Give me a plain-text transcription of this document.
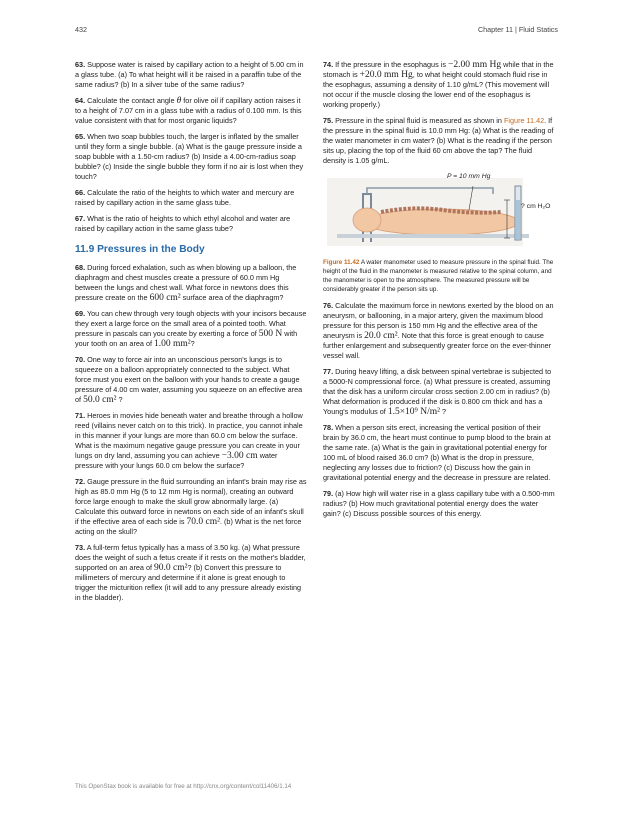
432	Chapter 11 | Fluid Statics

63. Suppose water is raised by capillary action to a height of 5.00 cm in a glass tube. (a) To what height will it be raised in a paraffin tube of the same radius? (b) In a silver tube of the same radius?

64. Calculate the contact angle θ for olive oil if capillary action raises it to a height of 7.07 cm in a glass tube with a radius of 0.100 mm. Is this value consistent with that for most organic liquids?

65. When two soap bubbles touch, the larger is inflated by the smaller until they form a single bubble. (a) What is the gauge pressure inside a soap bubble with a 1.50-cm radius? (b) Inside a 4.00-cm-radius soap bubble? (c) Inside the single bubble they form if no air is lost when they touch?

66. Calculate the ratio of the heights to which water and mercury are raised by capillary action in the same glass tube.

67. What is the ratio of heights to which ethyl alcohol and water are raised by capillary action in the same glass tube?

11.9 Pressures in the Body

68. During forced exhalation, such as when blowing up a balloon, the diaphragm and chest muscles create a pressure of 60.0 mm Hg between the lungs and chest wall. What force in newtons does this pressure create on the 600 cm² surface area of the diaphragm?

69. You can chew through very tough objects with your incisors because they exert a large force on the small area of a pointed tooth. What pressure in pascals can you create by exerting a force of 500 N with your tooth on an area of 1.00 mm²?

70. One way to force air into an unconscious person's lungs is to squeeze on a balloon appropriately connected to the subject. What force must you exert on the balloon with your hands to create a gauge pressure of 4.00 cm water, assuming you squeeze on an effective area of 50.0 cm² ?

71. Heroes in movies hide beneath water and breathe through a hollow reed (villains never catch on to this trick). In practice, you cannot inhale in this manner if your lungs are more than 60.0 cm below the surface. What is the maximum negative gauge pressure you can create in your lungs on dry land, assuming you can achieve −3.00 cm water pressure with your lungs 60.0 cm below the surface?

72. Gauge pressure in the fluid surrounding an infant's brain may rise as high as 85.0 mm Hg (5 to 12 mm Hg is normal), creating an outward force large enough to make the skull grow abnormally large. (a) Calculate this outward force in newtons on each side of an infant's skull if the effective area of each side is 70.0 cm². (b) What is the net force acting on the skull?

73. A full-term fetus typically has a mass of 3.50 kg. (a) What pressure does the weight of such a fetus create if it rests on the mother's bladder, supported on an area of 90.0 cm²? (b) Convert this pressure to millimeters of mercury and determine if it alone is great enough to trigger the micturition reflex (it will add to any pressure already existing in the bladder).

74. If the pressure in the esophagus is −2.00 mm Hg while that in the stomach is +20.0 mm Hg, to what height could stomach fluid rise in the esophagus, assuming a density of 1.10 g/mL? (This movement will not occur if the muscle closing the lower end of the esophagus is working properly.)

75. Pressure in the spinal fluid is measured as shown in Figure 11.42. If the pressure in the spinal fluid is 10.0 mm Hg: (a) What is the reading of the water manometer in cm water? (b) What is the reading if the person sits up, placing the top of the fluid 60 cm above the tap? The fluid density is 1.05 g/mL.

P = 10 mm Hg
? cm H₂O

Figure 11.42 A water manometer used to measure pressure in the spinal fluid. The height of the fluid in the manometer is measured relative to the spinal column, and the manometer is open to the atmosphere. The measured pressure will be considerably greater if the person sits up.

76. Calculate the maximum force in newtons exerted by the blood on an aneurysm, or ballooning, in a major artery, given the maximum blood pressure for this person is 150 mm Hg and the effective area of the aneurysm is 20.0 cm². Note that this force is great enough to cause further enlargement and subsequently greater force on the ever-thinner vessel wall.

77. During heavy lifting, a disk between spinal vertebrae is subjected to a 5000-N compressional force. (a) What pressure is created, assuming that the disk has a uniform circular cross section 2.00 cm in radius? (b) What deformation is produced if the disk is 0.800 cm thick and has a Young's modulus of 1.5×10⁹ N/m² ?

78. When a person sits erect, increasing the vertical position of their brain by 36.0 cm, the heart must continue to pump blood to the brain at the same rate. (a) What is the gain in gravitational potential energy for 100 mL of blood raised 36.0 cm? (b) What is the drop in pressure, neglecting any losses due to friction? (c) Discuss how the gain in gravitational potential energy and the decrease in pressure are related.

79. (a) How high will water rise in a glass capillary tube with a 0.500-mm radius? (b) How much gravitational potential energy does the water gain? (c) Discuss possible sources of this energy.

This OpenStax book is available for free at http://cnx.org/content/col11406/1.14
